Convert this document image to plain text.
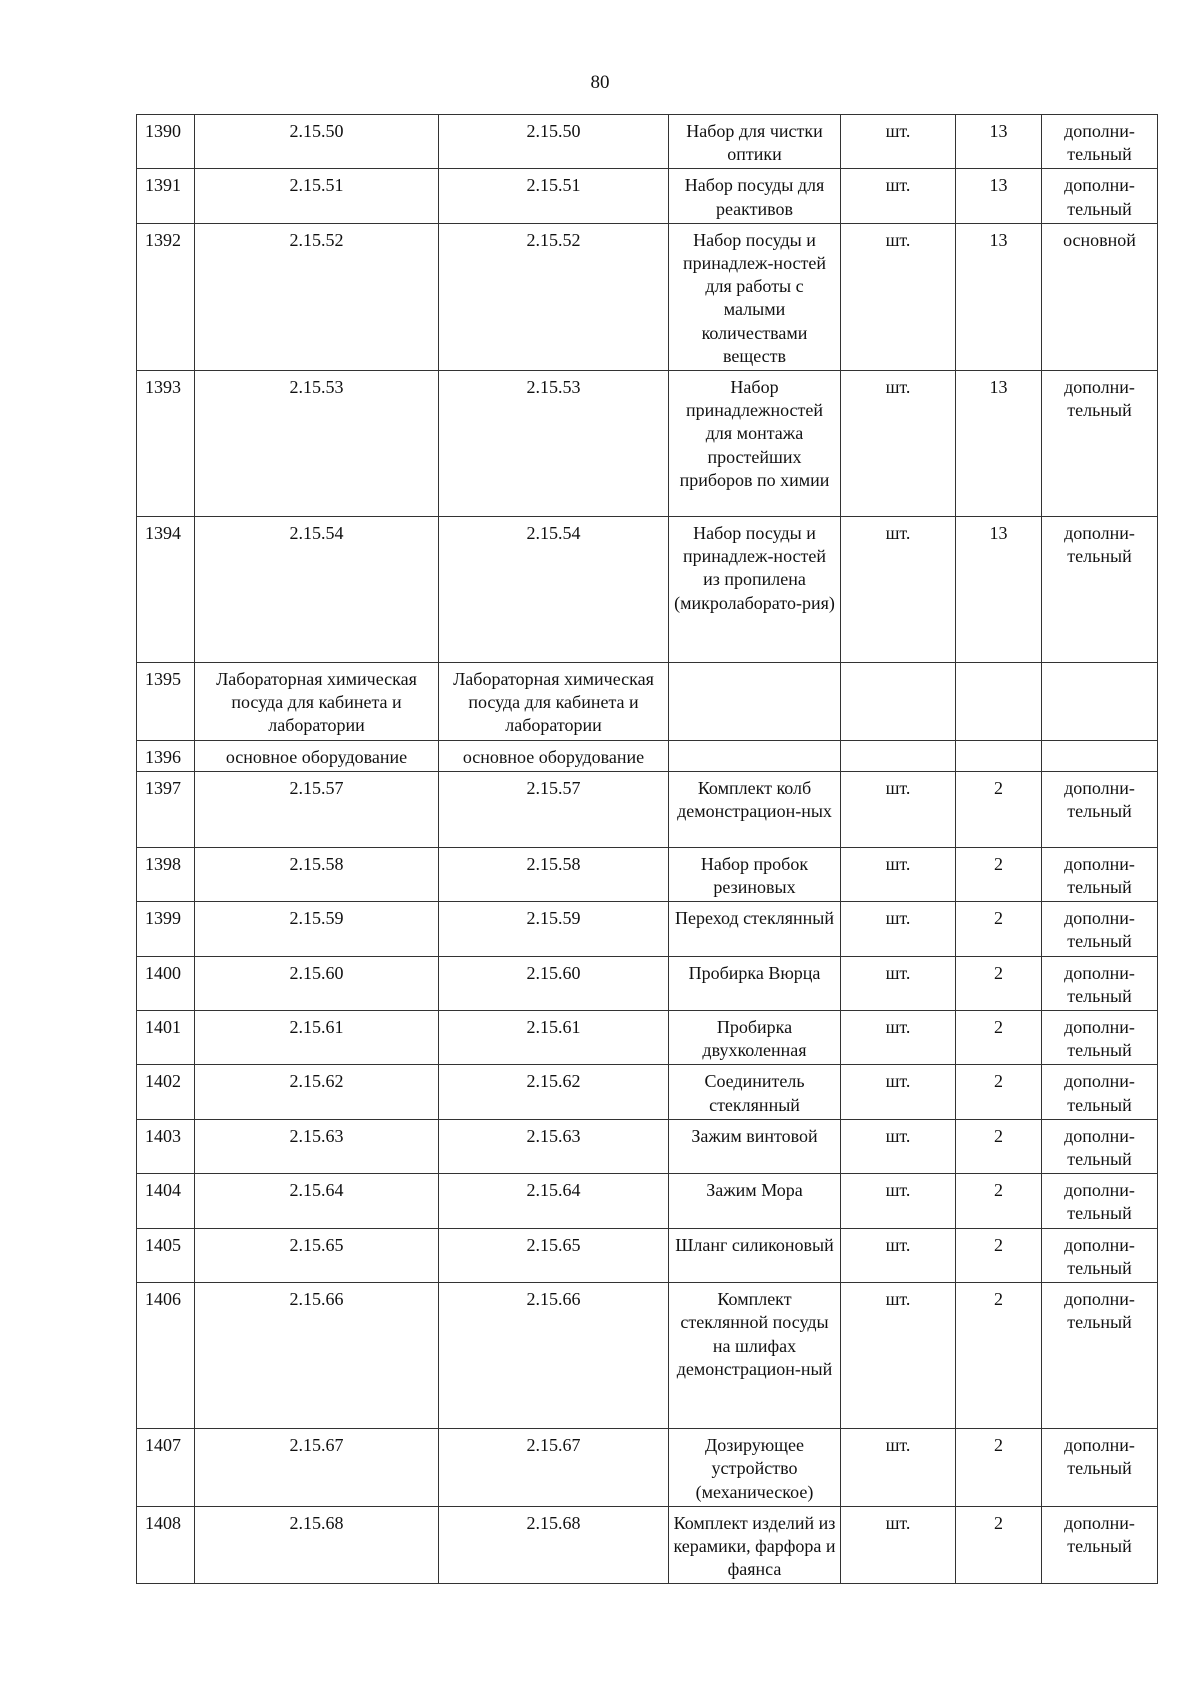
80
1390	2.15.50	2.15.50	Набор для чистки оптики	шт.	13	дополни-тельный
1391	2.15.51	2.15.51	Набор посуды для реактивов	шт.	13	дополни-тельный
1392	2.15.52	2.15.52	Набор посуды и принадлеж-ностей для работы с малыми количествами веществ	шт.	13	основной
1393	2.15.53	2.15.53	Набор принадлежностей для монтажа простейших приборов по химии	шт.	13	дополни-тельный
1394	2.15.54	2.15.54	Набор посуды и принадлеж-ностей из пропилена (микролаборато-рия)	шт.	13	дополни-тельный
1395	Лабораторная химическая посуда для кабинета и лаборатории	Лабораторная химическая посуда для кабинета и лаборатории				
1396	основное оборудование	основное оборудование				
1397	2.15.57	2.15.57	Комплект колб демонстрацион-ных	шт.	2	дополни-тельный
1398	2.15.58	2.15.58	Набор пробок резиновых	шт.	2	дополни-тельный
1399	2.15.59	2.15.59	Переход стеклянный	шт.	2	дополни-тельный
1400	2.15.60	2.15.60	Пробирка Вюрца	шт.	2	дополни-тельный
1401	2.15.61	2.15.61	Пробирка двухколенная	шт.	2	дополни-тельный
1402	2.15.62	2.15.62	Соединитель стеклянный	шт.	2	дополни-тельный
1403	2.15.63	2.15.63	Зажим винтовой	шт.	2	дополни-тельный
1404	2.15.64	2.15.64	Зажим Мора	шт.	2	дополни-тельный
1405	2.15.65	2.15.65	Шланг силиконовый	шт.	2	дополни-тельный
1406	2.15.66	2.15.66	Комплект стеклянной посуды на шлифах демонстрацион-ный	шт.	2	дополни-тельный
1407	2.15.67	2.15.67	Дозирующее устройство (механическое)	шт.	2	дополни-тельный
1408	2.15.68	2.15.68	Комплект изделий из керамики, фарфора и фаянса	шт.	2	дополни-тельный
